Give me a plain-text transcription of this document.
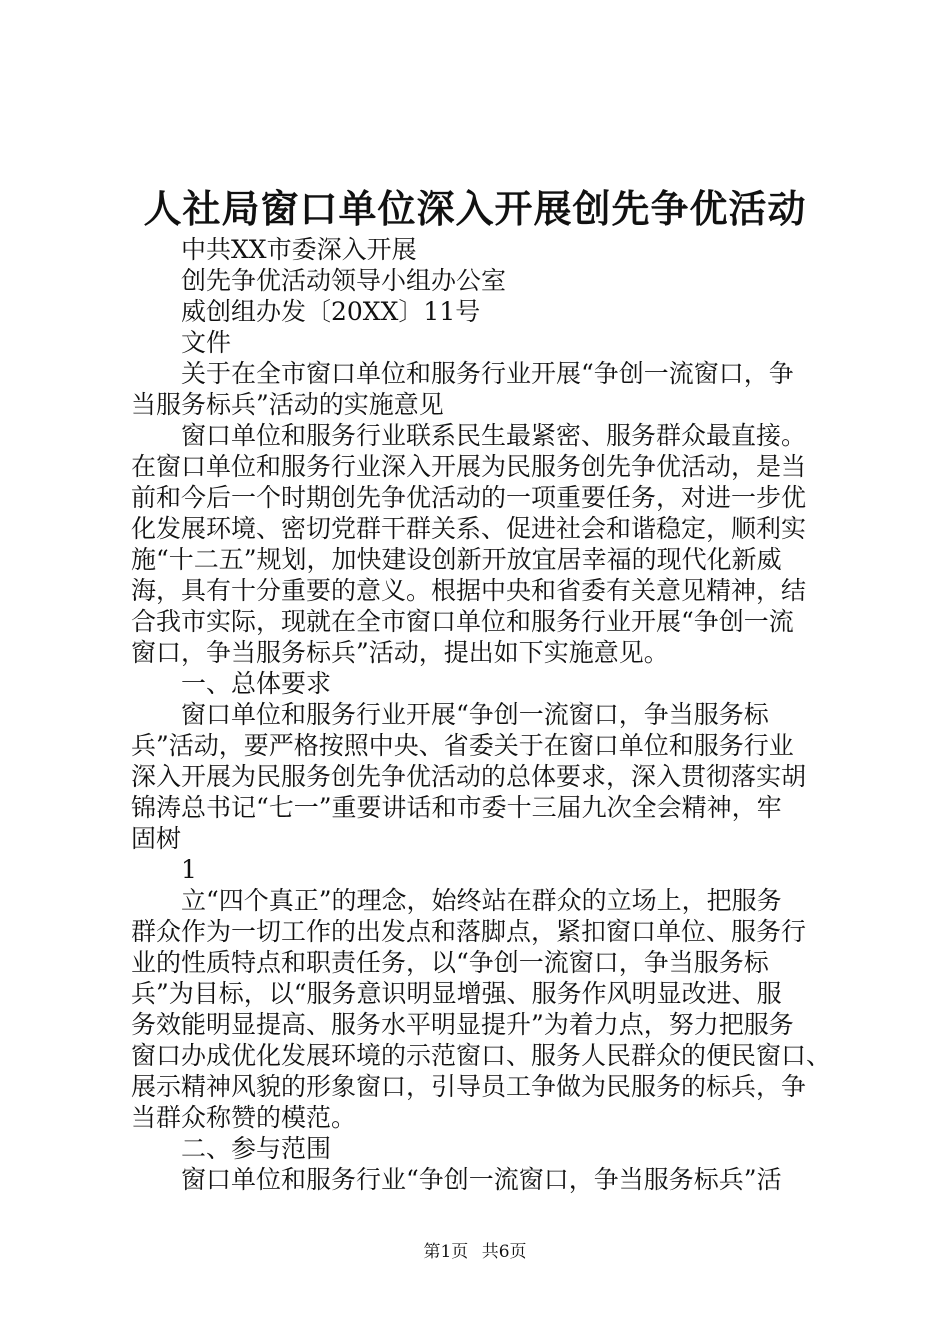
人社局窗口单位深入开展创先争优活动

中共XX市委深入开展

创先争优活动领导小组办公室

威创组办发〔20XX〕11号

文件

关于在全市窗口单位和服务行业开展“争创一流窗口，争

当服务标兵”活动的实施意见

窗口单位和服务行业联系民生最紧密、服务群众最直接。

在窗口单位和服务行业深入开展为民服务创先争优活动，是当

前和今后一个时期创先争优活动的一项重要任务，对进一步优

化发展环境、密切党群干群关系、促进社会和谐稳定，顺利实

施“十二五”规划，加快建设创新开放宜居幸福的现代化新威

海，具有十分重要的意义。根据中央和省委有关意见精神，结

合我市实际，现就在全市窗口单位和服务行业开展“争创一流

窗口，争当服务标兵”活动，提出如下实施意见。

一、总体要求

窗口单位和服务行业开展“争创一流窗口，争当服务标

兵”活动，要严格按照中央、省委关于在窗口单位和服务行业

深入开展为民服务创先争优活动的总体要求，深入贯彻落实胡

锦涛总书记“七一”重要讲话和市委十三届九次全会精神，牢

固树

1

立“四个真正”的理念，始终站在群众的立场上，把服务

群众作为一切工作的出发点和落脚点，紧扣窗口单位、服务行

业的性质特点和职责任务，以“争创一流窗口，争当服务标

兵”为目标，以“服务意识明显增强、服务作风明显改进、服

务效能明显提高、服务水平明显提升”为着力点，努力把服务

窗口办成优化发展环境的示范窗口、服务人民群众的便民窗口、

展示精神风貌的形象窗口，引导员工争做为民服务的标兵，争

当群众称赞的模范。

二、参与范围

窗口单位和服务行业“争创一流窗口，争当服务标兵”活

第1页 共6页
